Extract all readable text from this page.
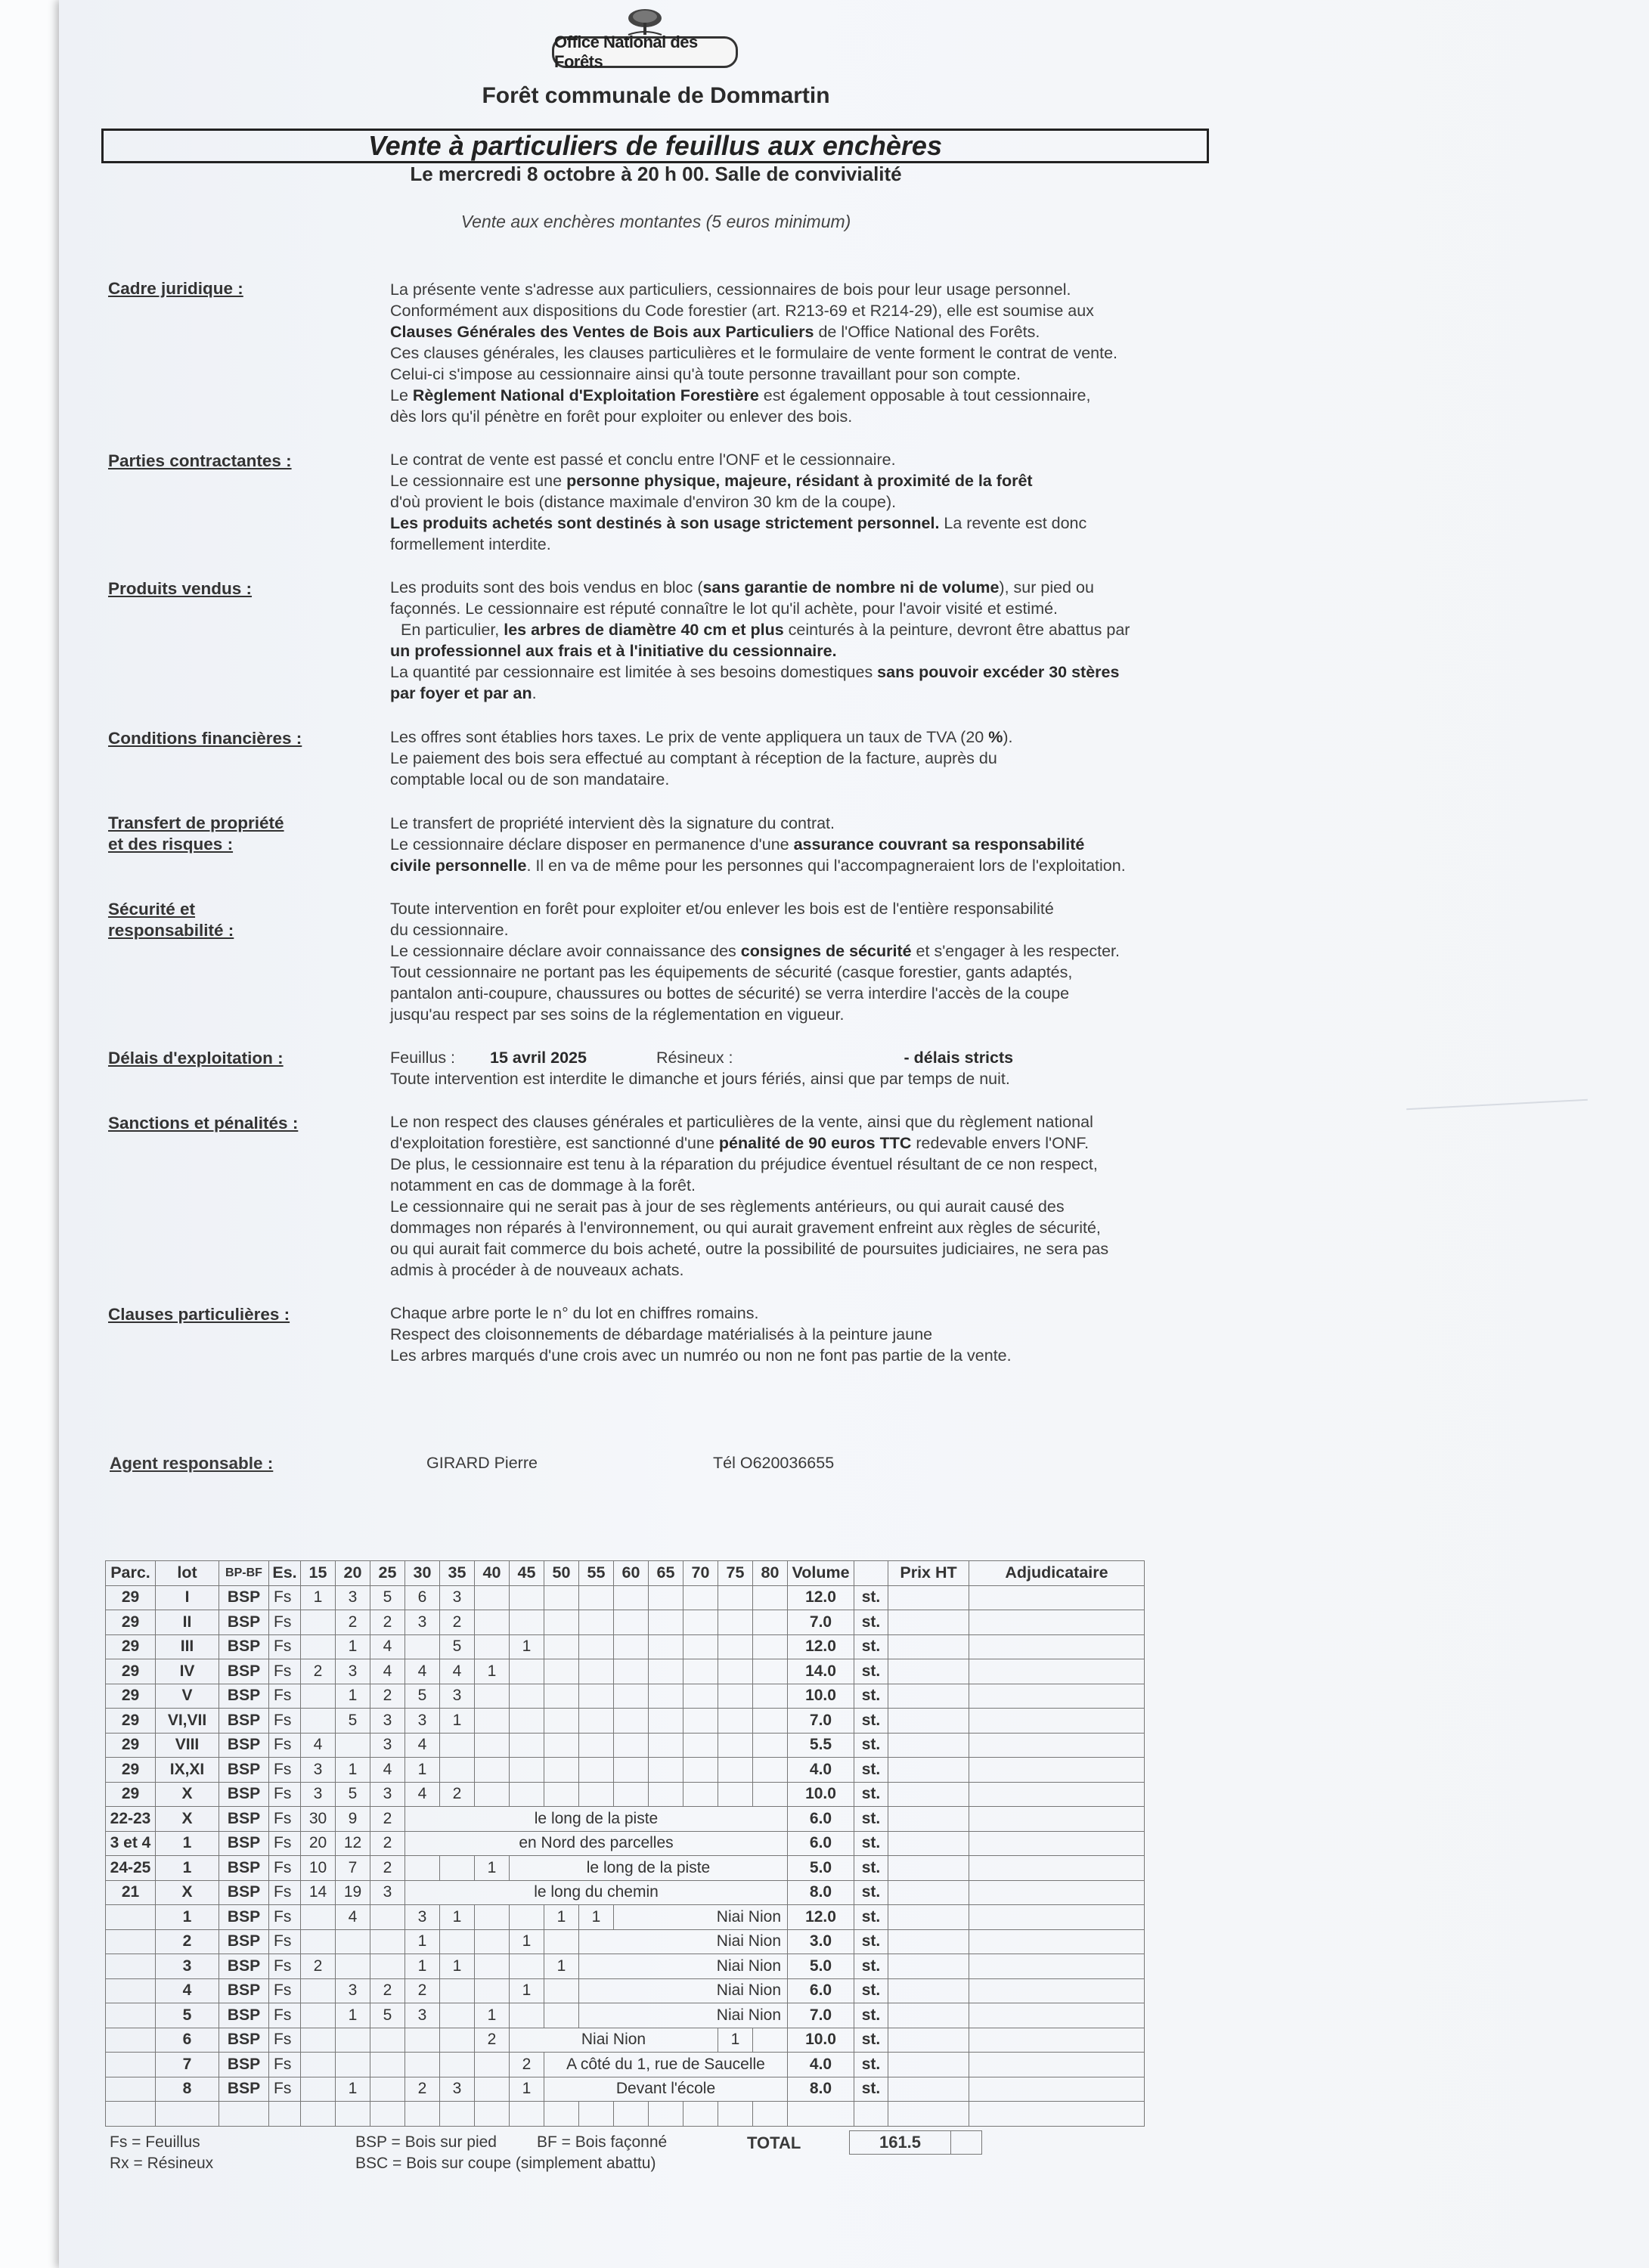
Office National des Forêts
Forêt communale de Dommartin
Vente à particuliers de feuillus aux enchères
Le mercredi 8 octobre à 20 h 00. Salle de convivialité
Vente aux enchères montantes (5 euros minimum)
Cadre juridique :	La présente vente s'adresse aux particuliers, cessionnaires de bois pour leur usage personnel.

Conformément aux dispositions du Code forestier (art. R213-69 et R214-29), elle est soumise aux

Clauses Générales des Ventes de Bois aux Particuliers de l'Office National des Forêts.

Ces clauses générales, les clauses particulières et le formulaire de vente forment le contrat de vente.

Celui-ci s'impose au cessionnaire ainsi qu'à toute personne travaillant pour son compte.

Le Règlement National d'Exploitation Forestière est également opposable à tout cessionnaire,

dès lors qu'il pénètre en forêt pour exploiter ou enlever des bois.

Parties contractantes :	Le contrat de vente est passé et conclu entre l'ONF et le cessionnaire.

Le cessionnaire est une personne physique, majeure, résidant à proximité de la forêt

d'où provient le bois (distance maximale d'environ 30 km de la coupe).

Les produits achetés sont destinés à son usage strictement personnel. La revente est donc

formellement interdite.

Produits vendus :	Les produits sont des bois vendus en bloc (sans garantie de nombre ni de volume), sur pied ou

façonnés. Le cessionnaire est réputé connaître le lot qu'il achète, pour l'avoir visité et estimé.

En particulier, les arbres de diamètre 40 cm et plus ceinturés à la peinture, devront être abattus par

un professionnel aux frais et à l'initiative du cessionnaire.

La quantité par cessionnaire est limitée à ses besoins domestiques sans pouvoir excéder 30 stères

par foyer et par an.

Conditions financières :	Les offres sont établies hors taxes. Le prix de vente appliquera un taux de TVA (20 %).

Le paiement des bois sera effectué au comptant à réception de la facture, auprès du

comptable local ou de son mandataire.

Transfert de propriété
et des risques :

Le transfert de propriété intervient dès la signature du contrat.

Le cessionnaire déclare disposer en permanence d'une assurance couvrant sa responsabilité

civile personnelle. Il en va de même pour les personnes qui l'accompagneraient lors de l'exploitation.

Sécurité et
responsabilité :

Toute intervention en forêt pour exploiter et/ou enlever les bois est de l'entière responsabilité

du cessionnaire.

Le cessionnaire déclare avoir connaissance des consignes de sécurité et s'engager à les respecter.

Tout cessionnaire ne portant pas les équipements de sécurité (casque forestier, gants adaptés,

pantalon anti-coupure, chaussures ou bottes de sécurité) se verra interdire l'accès de la coupe

jusqu'au respect par ses soins de la réglementation en vigueur.

Délais d'exploitation :	Feuillus : 15 avril 2025	Résineux :	- délais stricts

Toute intervention est interdite le dimanche et jours fériés, ainsi que par temps de nuit.

Sanctions et pénalités :	Le non respect des clauses générales et particulières de la vente, ainsi que du règlement national

d'exploitation forestière, est sanctionné d'une pénalité de 90 euros TTC redevable envers l'ONF.

De plus, le cessionnaire est tenu à la réparation du préjudice éventuel résultant de ce non respect,

notamment en cas de dommage à la forêt.

Le cessionnaire qui ne serait pas à jour de ses règlements antérieurs, ou qui aurait causé des

dommages non réparés à l'environnement, ou qui aurait gravement enfreint aux règles de sécurité,

ou qui aurait fait commerce du bois acheté, outre la possibilité de poursuites judiciaires, ne sera pas

admis à procéder à de nouveaux achats.

Clauses particulières :	Chaque arbre porte le n° du lot en chiffres romains.

Respect des cloisonnements de débardage matérialisés à la peinture jaune

Les arbres marqués d'une crois avec un numréo ou non ne font pas partie de la vente.

Agent responsable :	GIRARD Pierre	Tél O620036655
Parc.	lot	BP-BF	Es.	15	20	25	30	35	40	45	50	55	60	65	70	75	80	Volume		Prix HT	Adjudicataire
29	I	BSP	Fs	1	3	5	6	3										12.0	st.		
29	II	BSP	Fs		2	2	3	2										7.0	st.		
29	III	BSP	Fs		1	4		5		1								12.0	st.		
29	IV	BSP	Fs	2	3	4	4	4	1									14.0	st.		
29	V	BSP	Fs		1	2	5	3										10.0	st.		
29	VI,VII	BSP	Fs		5	3	3	1										7.0	st.		
29	VIII	BSP	Fs	4		3	4											5.5	st.		
29	IX,XI	BSP	Fs	3	1	4	1											4.0	st.		
29	X	BSP	Fs	3	5	3	4	2										10.0	st.		
22-23	X	BSP	Fs	30	9	2	le long de la piste											6.0	st.		
3 et 4	1	BSP	Fs	20	12	2	en Nord des parcelles											6.0	st.		
24-25	1	BSP	Fs	10	7	2			1	le long de la piste								5.0	st.		
21	X	BSP	Fs	14	19	3	le long du chemin											8.0	st.		
	1	BSP	Fs		4		3	1			1	1	Niai Nion					12.0	st.		
	2	BSP	Fs				1			1		Niai Nion						3.0	st.		
	3	BSP	Fs	2			1	1			1	Niai Nion						5.0	st.		
	4	BSP	Fs		3	2	2			1		Niai Nion						6.0	st.		
	5	BSP	Fs		1	5	3		1			Niai Nion						7.0	st.		
	6	BSP	Fs						2	Niai Nion						1		10.0	st.		
	7	BSP	Fs							2	A côté du 1, rue de Saucelle							4.0	st.		
	8	BSP	Fs		1		2	3		1	Devant l'école							8.0	st.		

Fs = Feuillus
Rx = Résineux
BSP = Bois sur pied	BF = Bois façonné
BSC = Bois sur coupe (simplement abattu)
TOTAL	161.5
